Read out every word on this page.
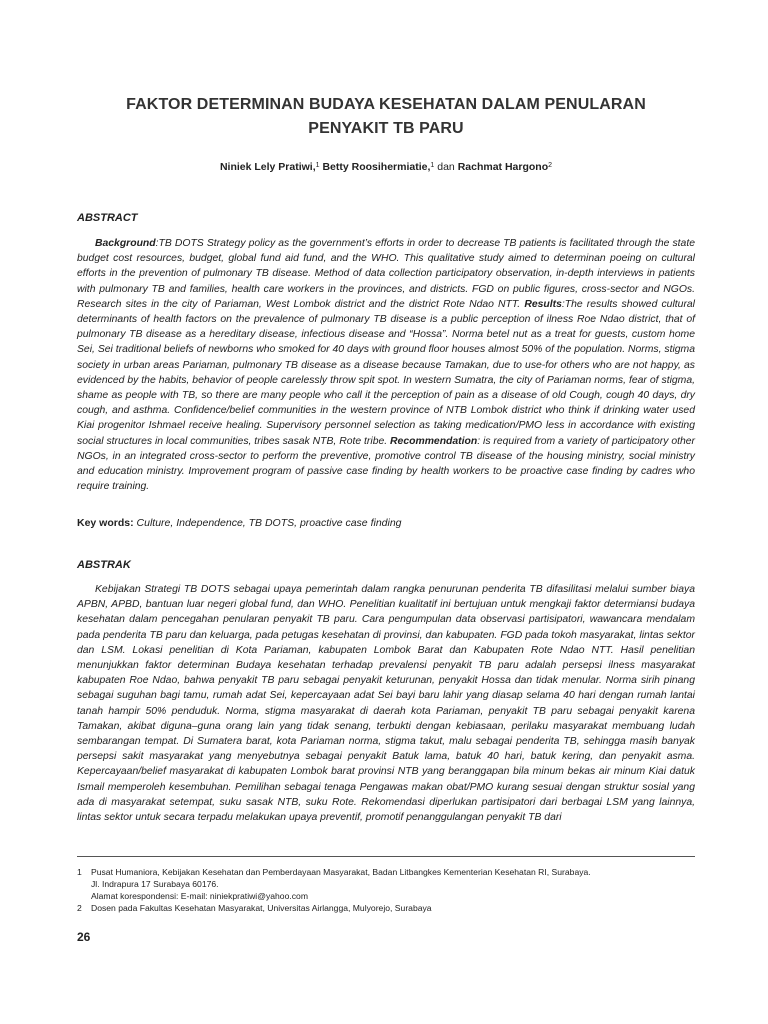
FAKTOR DETERMINAN BUDAYA KESEHATAN DALAM PENULARAN
PENYAKIT TB PARU
Niniek Lely Pratiwi,$^1$ Betty Roosihermiatie,$^1$ dan Rachmat Hargono$^2$
ABSTRACT

Background:TB DOTS Strategy policy as the government’s efforts in order to decrease TB patients is facilitated through the state budget cost resources, budget, global fund aid fund, and the WHO. This qualitative study aimed to determinan poeing on cultural efforts in the prevention of pulmonary TB disease. Method of data collection participatory observation, in-depth interviews in patients with pulmonary TB and families, health care workers in the provinces, and districts. FGD on public figures, cross-sector and NGOs. Research sites in the city of Pariaman, West Lombok district and the district Rote Ndao NTT. Results:The results showed cultural determinants of health factors on the prevalence of pulmonary TB disease is a public perception of ilness Roe Ndao district, that of pulmonary TB disease as a hereditary disease, infectious disease and “Hossa”. Norma betel nut as a treat for guests, custom home Sei, Sei traditional beliefs of newborns who smoked for 40 days with ground floor houses almost 50% of the population. Norms, stigma society in urban areas Pariaman, pulmonary TB disease as a disease because Tamakan, due to use-for others who are not happy, as evidenced by the habits, behavior of people carelessly throw spit spot. In western Sumatra, the city of Pariaman norms, fear of stigma, shame as people with TB, so there are many people who call it the perception of pain as a disease of old Cough, cough 40 days, dry cough, and asthma. Confidence/belief communities in the western province of NTB Lombok district who think if drinking water used Kiai progenitor Ishmael receive healing. Supervisory personnel selection as taking medication/PMO less in accordance with existing social structures in local communities, tribes sasak NTB, Rote tribe. Recommendation: is required from a variety of participatory other NGOs, in an integrated cross-sector to perform the preventive, promotive control TB disease of the housing ministry, social ministry and education ministry. Improvement program of passive case finding by health workers to be proactive case finding by cadres who require training.

Key words: Culture, Independence, TB DOTS, proactive case finding
ABSTRAK

Kebijakan Strategi TB DOTS sebagai upaya pemerintah dalam rangka penurunan penderita TB difasilitasi melalui sumber biaya APBN, APBD, bantuan luar negeri global fund, dan WHO. Penelitian kualitatif ini bertujuan untuk mengkaji faktor determiansi budaya kesehatan dalam pencegahan penularan penyakit TB paru. Cara pengumpulan data observasi partisipatori, wawancara mendalam pada penderita TB paru dan keluarga, pada petugas kesehatan di provinsi, dan kabupaten. FGD pada tokoh masyarakat, lintas sektor dan LSM. Lokasi penelitian di Kota Pariaman, kabupaten Lombok Barat dan Kabupaten Rote Ndao NTT. Hasil penelitian menunjukkan faktor determinan Budaya kesehatan terhadap prevalensi penyakit TB paru adalah persepsi ilness masyarakat kabupaten Roe Ndao, bahwa penyakit TB paru sebagai penyakit keturunan, penyakit Hossa dan tidak menular. Norma sirih pinang sebagai suguhan bagi tamu, rumah adat Sei, kepercayaan adat Sei bayi baru lahir yang diasap selama 40 hari dengan rumah lantai tanah hampir 50% penduduk. Norma, stigma masyarakat di daerah kota Pariaman, penyakit TB paru sebagai penyakit karena Tamakan, akibat diguna–guna orang lain yang tidak senang, terbukti dengan kebiasaan, perilaku masyarakat membuang ludah sembarangan tempat. Di Sumatera barat, kota Pariaman norma, stigma takut, malu sebagai penderita TB, sehingga masih banyak persepsi sakit masyarakat yang menyebutnya sebagai penyakit Batuk lama, batuk 40 hari, batuk kering, dan penyakit asma. Kepercayaan/belief masyarakat di kabupaten Lombok barat provinsi NTB yang beranggapan bila minum bekas air minum Kiai datuk Ismail memperoleh kesembuhan. Pemilihan sebagai tenaga Pengawas makan obat/PMO kurang sesuai dengan struktur sosial yang ada di masyarakat setempat, suku sasak NTB, suku Rote. Rekomendasi diperlukan partisipatori dari berbagai LSM yang lainnya, lintas sektor untuk secara terpadu melakukan upaya preventif, promotif penanggulangan penyakit TB dari

1	Pusat Humaniora, Kebijakan Kesehatan dan Pemberdayaan Masyarakat, Badan Litbangkes Kementerian Kesehatan RI, Surabaya.
Jl. Indrapura 17 Surabaya 60176.
Alamat korespondensi: E-mail: niniekpratiwi@yahoo.com
2	Dosen pada Fakultas Kesehatan Masyarakat, Universitas Airlangga, Mulyorejo, Surabaya
26
